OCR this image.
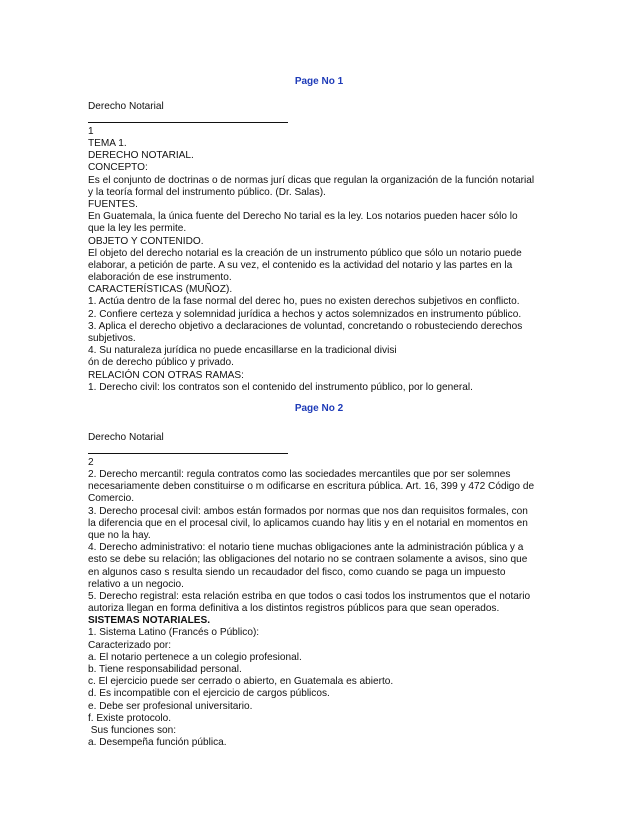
Page No 1
Derecho Notarial
1
TEMA 1.
DERECHO NOTARIAL.
CONCEPTO:
Es el conjunto de doctrinas o de normas jurí dicas que regulan la organización de la función notarial
y la teoría formal del instrumento público. (Dr. Salas).
FUENTES.
En Guatemala, la única fuente del Derecho No tarial es la ley. Los notarios pueden hacer sólo lo
que la ley les permite.
OBJETO Y CONTENIDO.
El objeto del derecho notarial es la creación de un instrumento público que sólo un notario puede
elaborar, a petición de parte. A su vez, el contenido es la actividad del notario y las partes en la
elaboración de ese instrumento.
CARACTERÍSTICAS (MUÑOZ).
1. Actúa dentro de la fase normal del derec ho, pues no existen derechos subjetivos en conflicto.
2. Confiere certeza y solemnidad jurídica a hechos y actos solemnizados en instrumento público.
3. Aplica el derecho objetivo a declaraciones de voluntad, concretando o robusteciendo derechos
subjetivos.
4. Su naturaleza jurídica no puede encasillarse en la tradicional divisi
ón de derecho público y privado.
RELACIÓN CON OTRAS RAMAS:
1. Derecho civil: los contratos son el contenido del instrumento público, por lo general.
Page No 2
Derecho Notarial
2
2. Derecho mercantil: regula contratos como las sociedades mercantiles que por ser solemnes
necesariamente deben constituirse o m odificarse en escritura pública. Art. 16, 399 y 472 Código de
Comercio.
3. Derecho procesal civil: ambos están formados por normas que nos dan requisitos formales, con
la diferencia que en el procesal civil, lo aplicamos cuando hay litis y en el notarial en momentos en
que no la hay.
4. Derecho administrativo: el notario tiene muchas obligaciones ante la administración pública y a
esto se debe su relación; las obligaciones del notario no se contraen solamente a avisos, sino que
en algunos caso s resulta siendo un recaudador del fisco, como cuando se paga un impuesto
relativo a un negocio.
5. Derecho registral: esta relación estriba en que todos o casi todos los instrumentos que el notario
autoriza llegan en forma definitiva a los distintos registros públicos para que sean operados.
SISTEMAS NOTARIALES.
1. Sistema Latino (Francés o Público):
Caracterizado por:
a. El notario pertenece a un colegio profesional.
b. Tiene responsabilidad personal.
c. El ejercicio puede ser cerrado o abierto, en Guatemala es abierto.
d. Es incompatible con el ejercicio de cargos públicos.
e. Debe ser profesional universitario.
f. Existe protocolo.
Sus funciones son:
a. Desempeña función pública.
